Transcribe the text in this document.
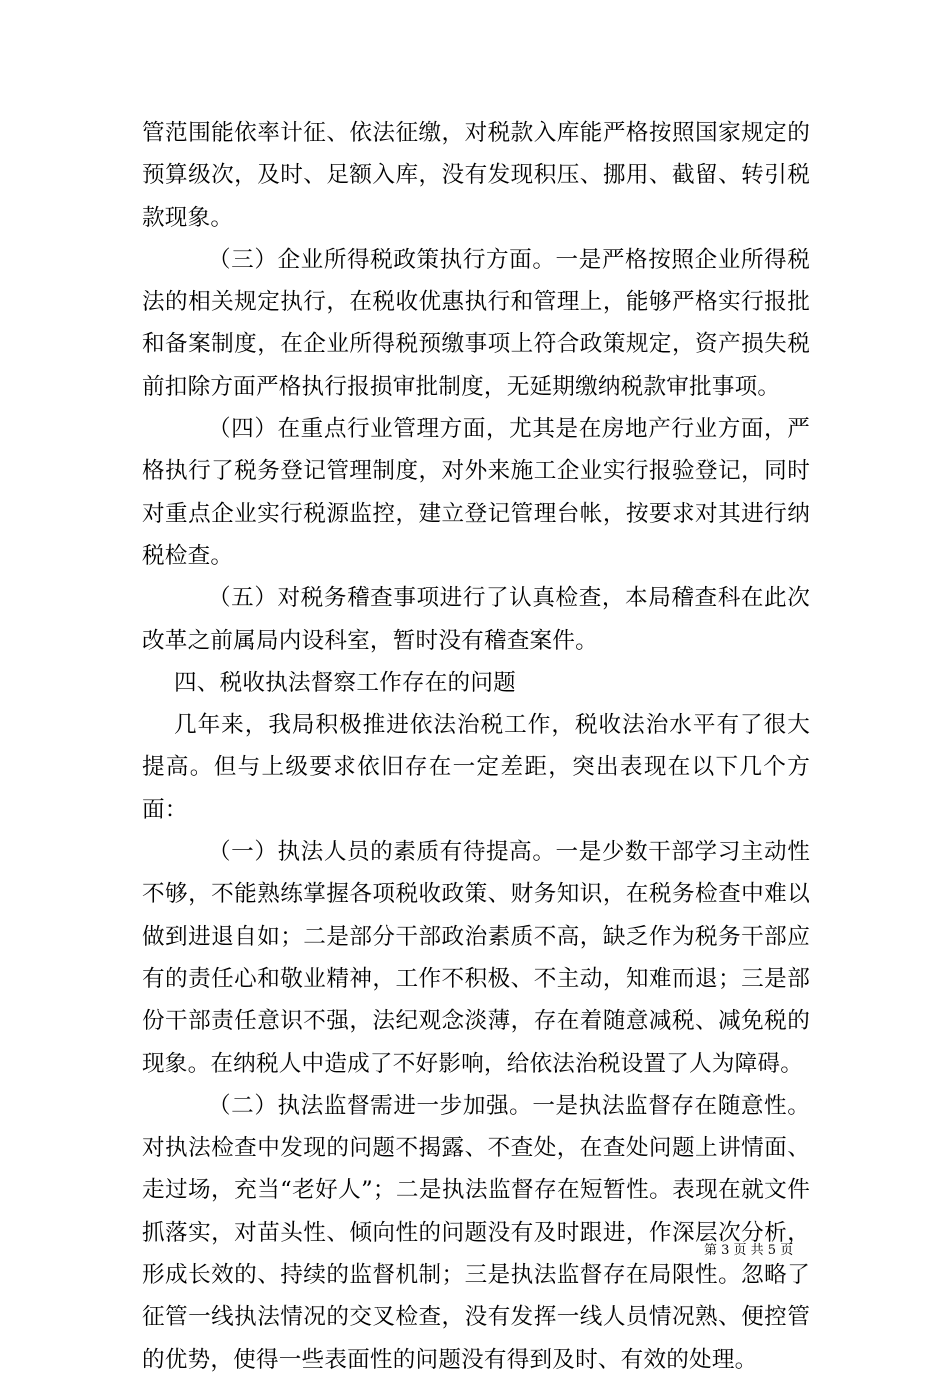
管范围能依率计征、依法征缴，对税款入库能严格按照国家规定的预算级次，及时、足额入库，没有发现积压、挪用、截留、转引税款现象。

（三）企业所得税政策执行方面。一是严格按照企业所得税法的相关规定执行，在税收优惠执行和管理上，能够严格实行报批和备案制度，在企业所得税预缴事项上符合政策规定，资产损失税前扣除方面严格执行报损审批制度，无延期缴纳税款审批事项。

（四）在重点行业管理方面，尤其是在房地产行业方面，严格执行了税务登记管理制度，对外来施工企业实行报验登记，同时对重点企业实行税源监控，建立登记管理台帐，按要求对其进行纳税检查。

（五）对税务稽查事项进行了认真检查，本局稽查科在此次改革之前属局内设科室，暂时没有稽查案件。

四、税收执法督察工作存在的问题

几年来，我局积极推进依法治税工作，税收法治水平有了很大提高。但与上级要求依旧存在一定差距，突出表现在以下几个方面：

（一）执法人员的素质有待提高。一是少数干部学习主动性不够，不能熟练掌握各项税收政策、财务知识，在税务检查中难以做到进退自如；二是部分干部政治素质不高，缺乏作为税务干部应有的责任心和敬业精神，工作不积极、不主动，知难而退；三是部份干部责任意识不强，法纪观念淡薄，存在着随意减税、减免税的现象。在纳税人中造成了不好影响，给依法治税设置了人为障碍。

（二）执法监督需进一步加强。一是执法监督存在随意性。对执法检查中发现的问题不揭露、不查处，在查处问题上讲情面、走过场，充当“老好人”；二是执法监督存在短暂性。表现在就文件抓落实，对苗头性、倾向性的问题没有及时跟进，作深层次分析，形成长效的、持续的监督机制；三是执法监督存在局限性。忽略了征管一线执法情况的交叉检查，没有发挥一线人员情况熟、便控管的优势，使得一些表面性的问题没有得到及时、有效的处理。

第 3 页 共 5 页
